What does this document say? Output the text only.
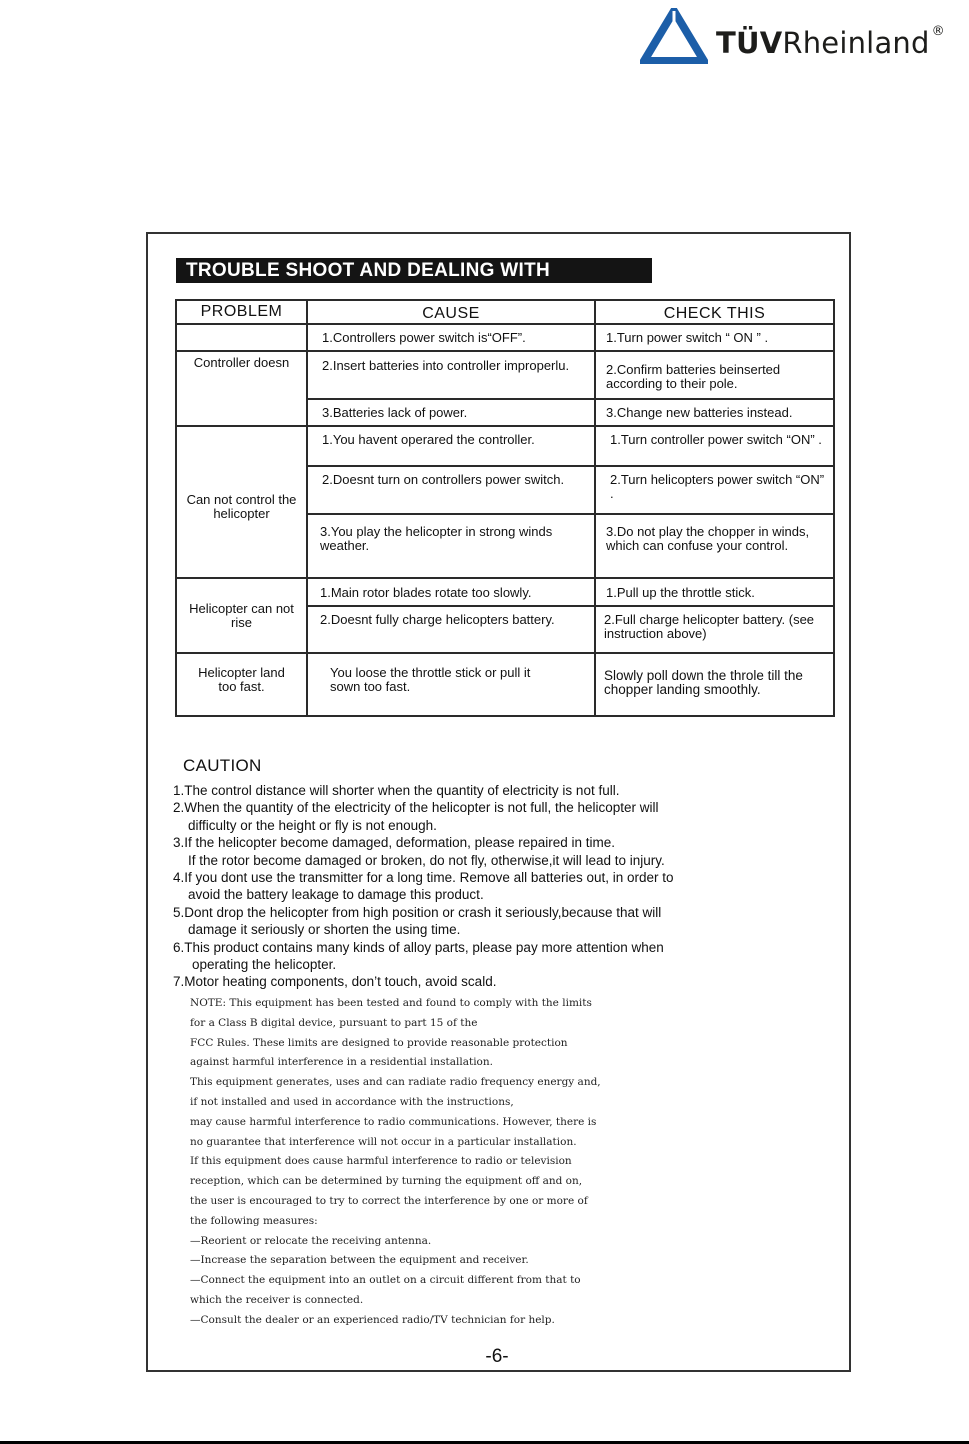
TÜVRheinland ®
TROUBLE SHOOT AND DEALING WITH
PROBLEM	CAUSE	CHECK THIS
	1.Controllers power switch is“OFF”.	1.Turn power switch “ ON ” .
Controller doesn	2.Insert batteries into controller improperlu.	2.Confirm batteries beinserted according to their pole.
	3.Batteries lack of power.	3.Change new batteries instead.
Can not control the helicopter	1.You havent operared the controller.	1.Turn controller power switch “ON” .
	2.Doesnt turn on controllers power switch.	2.Turn helicopters power switch “ON” .
	3.You play the helicopter in strong winds weather.	3.Do not play the chopper in winds, which can confuse your control.
Helicopter can not rise	1.Main rotor blades rotate too slowly.	1.Pull up the throttle stick.
	2.Doesnt fully charge helicopters battery.	2.Full charge helicopter battery. (see instruction above)
Helicopter land too fast.	You loose the throttle stick or pull it sown too fast.	Slowly poll down the throle till the chopper landing smoothly.
CAUTION
1.The control distance will shorter when the quantity of electricity is not full.
2.When the quantity of the electricity of the helicopter is not full, the helicopter will
difficulty or the height or fly is not enough.
3.If the helicopter become damaged, deformation, please repaired in time.
If the rotor become damaged or broken, do not fly, otherwise,it will lead to injury.
4.If you dont use the transmitter for a long time. Remove all batteries out, in order to
avoid the battery leakage to damage this product.
5.Dont drop the helicopter from high position or crash it seriously,because that will
damage it seriously or shorten the using time.
6.This product contains many kinds of alloy parts, please pay more attention when
operating the helicopter.
7.Motor heating components, don’t touch, avoid scald.
NOTE: This equipment has been tested and found to comply with the limits
for a Class B digital device, pursuant to part 15 of the
FCC Rules. These limits are designed to provide reasonable protection
against harmful interference in a residential installation.
This equipment generates, uses and can radiate radio frequency energy and,
if not installed and used in accordance with the instructions,
may cause harmful interference to radio communications. However, there is
no guarantee that interference will not occur in a particular installation.
If this equipment does cause harmful interference to radio or television
reception, which can be determined by turning the equipment off and on,
the user is encouraged to try to correct the interference by one or more of
the following measures:
—Reorient or relocate the receiving antenna.
—Increase the separation between the equipment and receiver.
—Connect the equipment into an outlet on a circuit different from that to
which the receiver is connected.
—Consult the dealer or an experienced radio/TV technician for help.
-6-
